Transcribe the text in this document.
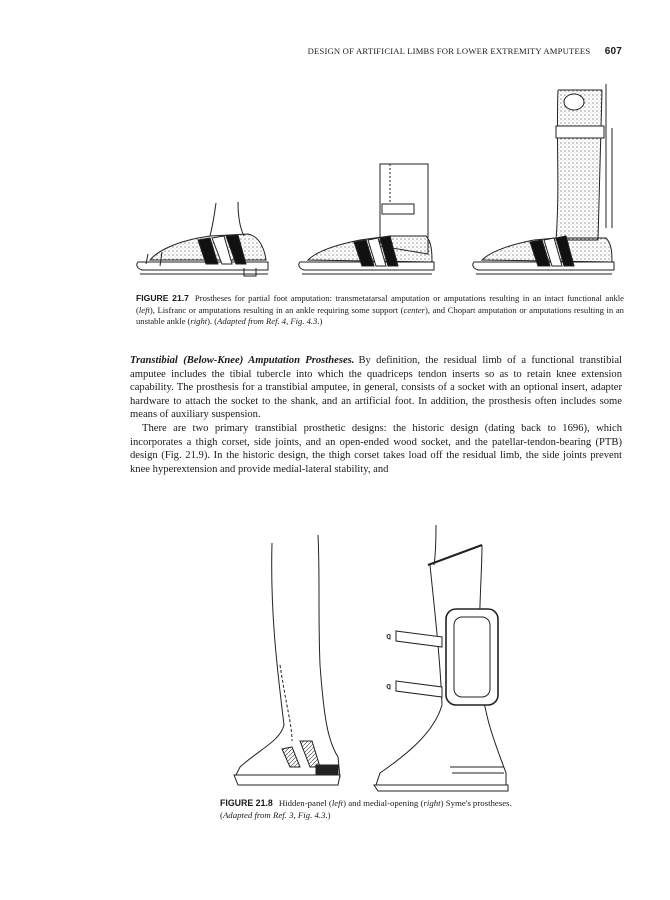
DESIGN OF ARTIFICIAL LIMBS FOR LOWER EXTREMITY AMPUTEES 607
FIGURE 21.7 Prostheses for partial foot amputation: transmetatarsal amputation or amputations resulting in an intact functional ankle (left), Lisfranc or amputations resulting in an ankle requiring some support (center), and Chopart amputation or amputations resulting in an unstable ankle (right). (Adapted from Ref. 4, Fig. 4.3.)

Transtibial (Below-Knee) Amputation Prostheses. By definition, the residual limb of a functional transtibial amputee includes the tibial tubercle into which the quadriceps tendon inserts so as to retain knee extension capability. The prosthesis for a transtibial amputee, in general, consists of a socket with an optional insert, adapter hardware to attach the socket to the shank, and an artificial foot. In addition, the prosthesis often includes some means of auxiliary suspension.

There are two primary transtibial prosthetic designs: the historic design (dating back to 1696), which incorporates a thigh corset, side joints, and an open-ended wood socket, and the patellar-tendon-bearing (PTB) design (Fig. 21.9). In the historic design, the thigh corset takes load off the residual limb, the side joints prevent knee hyperextension and provide medial-lateral stability, and

FIGURE 21.8 Hidden-panel (left) and medial-opening (right) Syme's prostheses. (Adapted from Ref. 3, Fig. 4.3.)
